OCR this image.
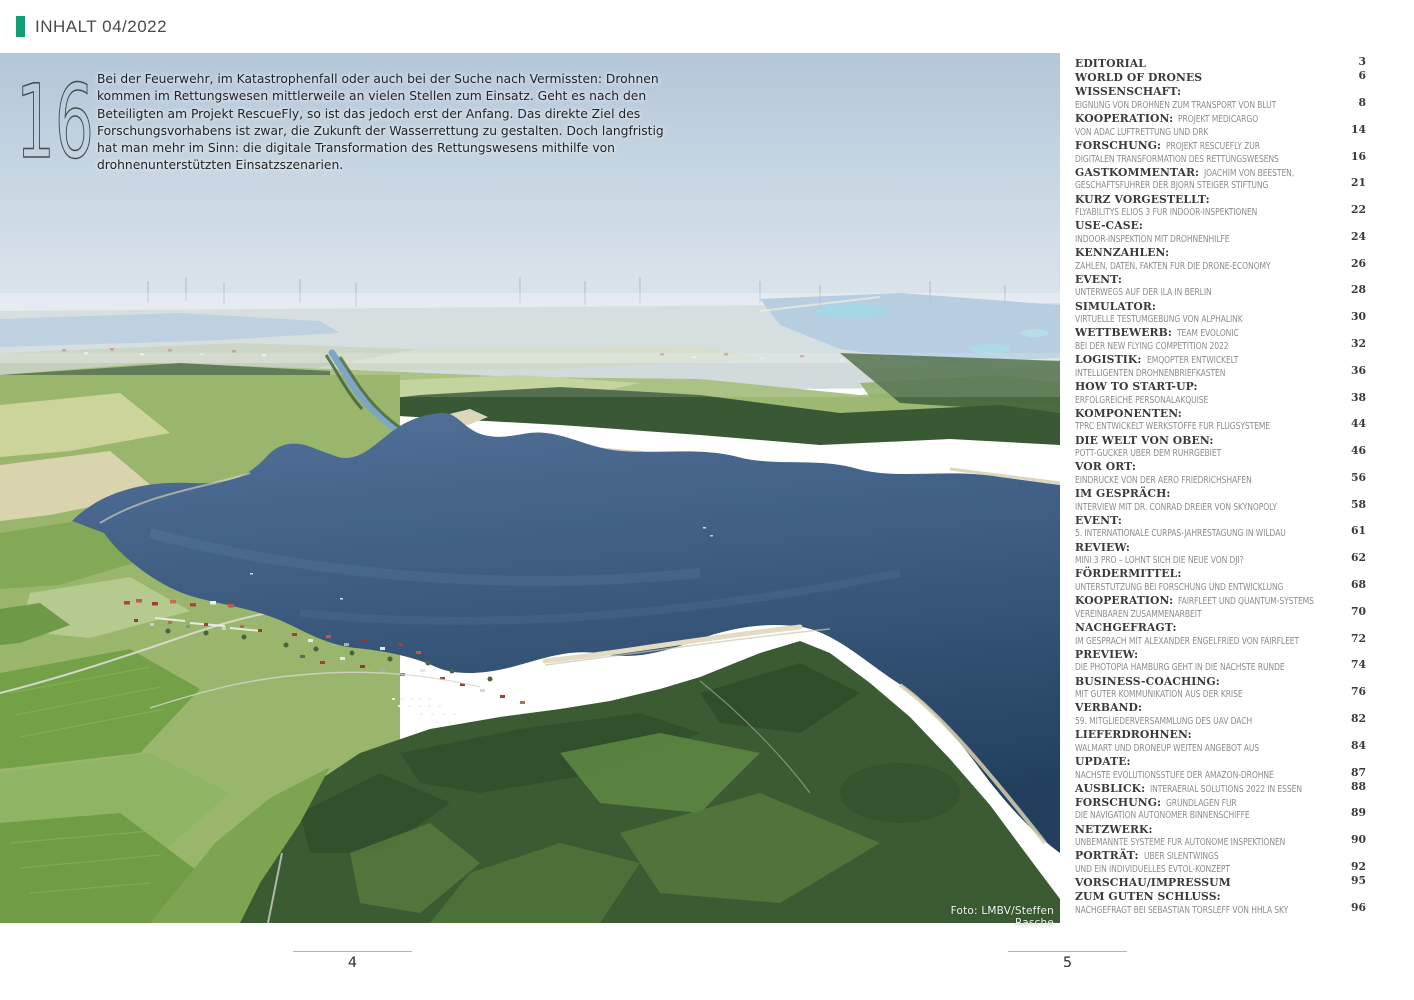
INHALT 04/2022
16 Bei der Feuerwehr, im Katastrophenfall oder auch bei der Suche nach Vermissten: Drohnen kommen im Rettungswesen mittlerweile an vielen Stellen zum Einsatz. Geht es nach den Beteiligten am Projekt RescueFly, so ist das jedoch erst der Anfang. Das direkte Ziel des Forschungsvorhabens ist zwar, die Zukunft der Wasserrettung zu gestalten. Doch langfristig hat man mehr im Sinn: die digitale Transformation des Rettungswesens mithilfe von drohnenunterstützten Einsatzszenarien.
Foto: LMBV/Steffen Rasche
EDITORIAL	3
WORLD OF DRONES	6
WISSENSCHAFT:
EIGNUNG VON DROHNEN ZUM TRANSPORT VON BLUT	8
KOOPERATION: PROJEKT MEDICARGO
VON ADAC LUFTRETTUNG UND DRK	14
FORSCHUNG: PROJEKT RESCUEFLY ZUR
DIGITALEN TRANSFORMATION DES RETTUNGSWESENS	16
GASTKOMMENTAR: JOACHIM VON BEESTEN,
GESCHÄFTSFÜHRER DER BJÖRN STEIGER STIFTUNG	21
KURZ VORGESTELLT:
FLYABILITYS ELIOS 3 FÜR INDOOR-INSPEKTIONEN	22
USE-CASE:
INDOOR-INSPEKTION MIT DROHNENHILFE	24
KENNZAHLEN:
ZAHLEN, DATEN, FAKTEN FÜR DIE DRONE-ECONOMY	26
EVENT:
UNTERWEGS AUF DER ILA IN BERLIN	28
SIMULATOR:
VIRTUELLE TESTUMGEBUNG VON ALPHALINK	30
WETTBEWERB: TEAM EVOLONIC
BEI DER NEW FLYING COMPETITION 2022	32
LOGISTIK: EMQOPTER ENTWICKELT
INTELLIGENTEN DROHNENBRIEFKASTEN	36
HOW TO START-UP:
ERFOLGREICHE PERSONALAKQUISE	38
KOMPONENTEN:
TPRC ENTWICKELT WERKSTOFFE FÜR FLUGSYSTEME	44
DIE WELT VON OBEN:
POTT-GUCKER ÜBER DEM RUHRGEBIET	46
VOR ORT:
EINDRÜCKE VON DER AERO FRIEDRICHSHAFEN	56
IM GESPRÄCH:
INTERVIEW MIT DR. CONRAD DREIER VON SKYNOPOLY	58
EVENT:
5. INTERNATIONALE CURPAS-JAHRESTAGUNG IN WILDAU	61
REVIEW:
MINI 3 PRO – LOHNT SICH DIE NEUE VON DJI?	62
FÖRDERMITTEL:
UNTERSTÜTZUNG BEI FORSCHUNG UND ENTWICKLUNG	68
KOOPERATION: FAIRFLEET UND QUANTUM-SYSTEMS
VEREINBAREN ZUSAMMENARBEIT	70
NACHGEFRAGT:
IM GESPRÄCH MIT ALEXANDER ENGELFRIED VON FAIRFLEET	72
PREVIEW:
DIE PHOTOPIA HAMBURG GEHT IN DIE NÄCHSTE RUNDE	74
BUSINESS-COACHING:
MIT GUTER KOMMUNIKATION AUS DER KRISE	76
VERBAND:
59. MITGLIEDERVERSAMMLUNG DES UAV DACH	82
LIEFERDROHNEN:
WALMART UND DRONEUP WEITEN ANGEBOT AUS	84
UPDATE:
NÄCHSTE EVOLUTIONSSTUFE DER AMAZON-DROHNE	87
AUSBLICK: INTERAERIAL SOLUTIONS 2022 IN ESSEN	88
FORSCHUNG: GRUNDLAGEN FÜR
DIE NAVIGATION AUTONOMER BINNENSCHIFFE	89
NETZWERK:
UNBEMANNTE SYSTEME FÜR AUTONOME INSPEKTIONEN	90
PORTRÄT: ÜBER SILENTWINGS
UND EIN INDIVIDUELLES EVTOL-KONZEPT	92
VORSCHAU/IMPRESSUM	95
ZUM GUTEN SCHLUSS:
NACHGEFRAGT BEI SEBASTIAN TÖRSLEFF VON HHLA SKY	96
4	5
